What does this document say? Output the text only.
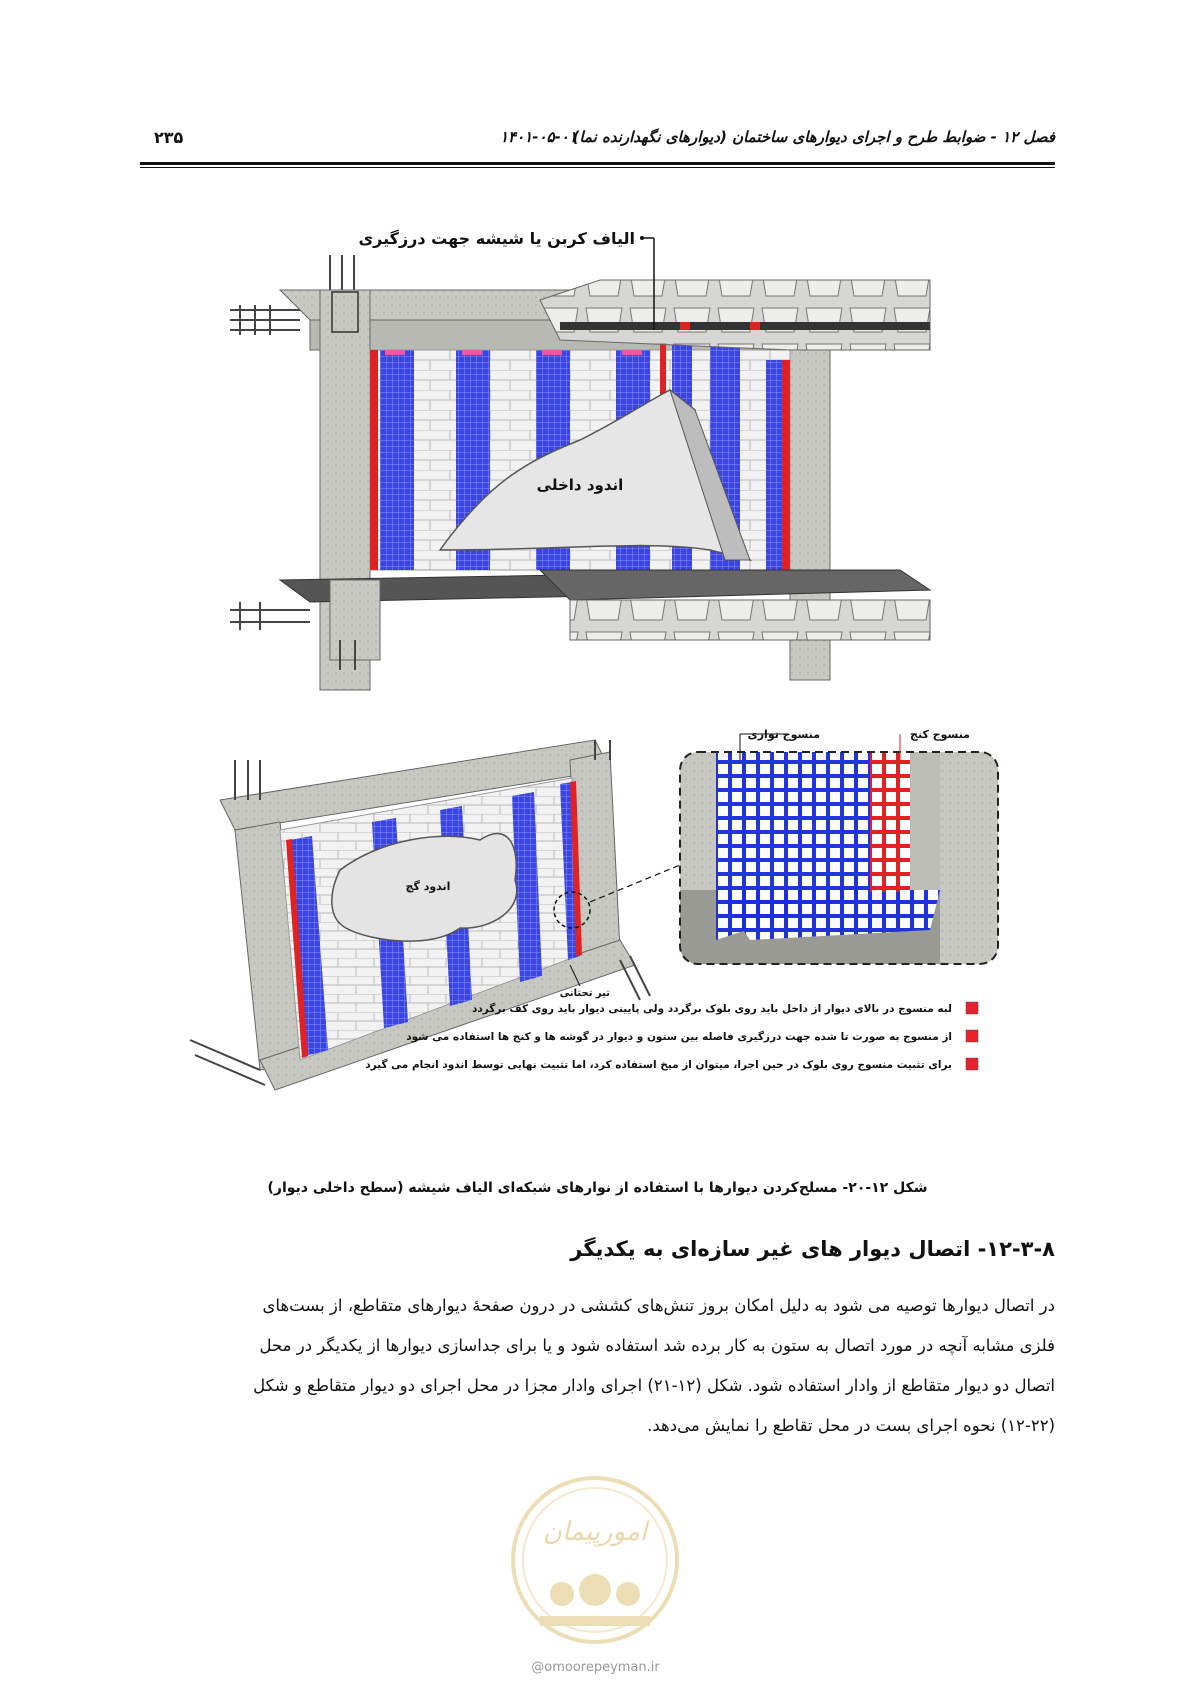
فصل ۱۲ - ضوابط طرح و اجرای دیوارهای ساختمان (دیوارهای نگهدارنده نما)
۱۴۰۱-۰۵-۰۱
۲۳۵
الیاف کربن یا شیشه جهت درزگیری
اندود داخلی
اندود گچ
منسوج نواری	منسوج کنج
تیر تحتانی
لبه منسوج در بالای دیوار از داخل باید روی بلوک برگردد ولی پایینی دیوار باید روی کف برگردد
از منسوج به صورت تا شده جهت درزگیری فاصله بین ستون و دیوار در گوشه ها و کنج ها استفاده می شود
برای تثبیت منسوج روی بلوک در حین اجرا، میتوان از میخ استفاده کرد، اما تثبیت نهایی توسط اندود انجام می گیرد
شکل ۱۲-۲۰- مسلح‌کردن دیوارها با استفاده از نوارهای شبکه‌ای الیاف شیشه (سطح داخلی دیوار)
۱۲-۳-۸- اتصال دیوار های غیر سازه‌ای به یکدیگر
در اتصال دیوارها توصیه می شود به دلیل امکان بروز تنش‌های کششی در درون صفحهٔ دیوارهای متقاطع، از بست‌های
فلزی مشابه آنچه در مورد اتصال به ستون به کار برده شد استفاده شود و یا برای جداسازی دیوارها از یکدیگر در محل
اتصال دو دیوار متقاطع از وادار استفاده شود. شکل (۱۲-۲۱) اجرای وادار مجزا در محل اجرای دو دیوار متقاطع و شکل
(۱۲-۲۲) نحوه اجرای بست در محل تقاطع را نمایش می‌دهد.
امورپیمان
@omoorepeyman.ir
